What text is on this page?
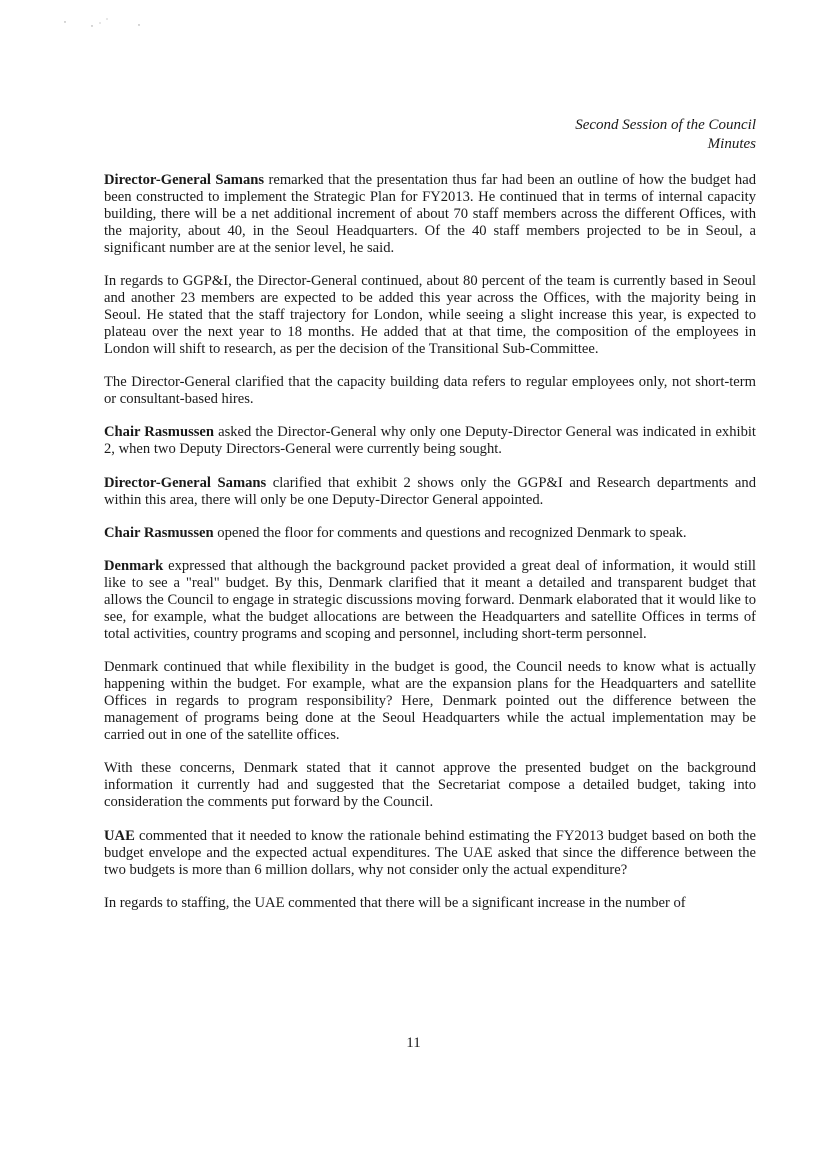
Second Session of the Council
Minutes

Director-General Samans remarked that the presentation thus far had been an outline of how the budget had been constructed to implement the Strategic Plan for FY2013. He continued that in terms of internal capacity building, there will be a net additional increment of about 70 staff members across the different Offices, with the majority, about 40, in the Seoul Headquarters. Of the 40 staff members projected to be in Seoul, a significant number are at the senior level, he said.

In regards to GGP&I, the Director-General continued, about 80 percent of the team is currently based in Seoul and another 23 members are expected to be added this year across the Offices, with the majority being in Seoul. He stated that the staff trajectory for London, while seeing a slight increase this year, is expected to plateau over the next year to 18 months. He added that at that time, the composition of the employees in London will shift to research, as per the decision of the Transitional Sub-Committee.

The Director-General clarified that the capacity building data refers to regular employees only, not short-term or consultant-based hires.

Chair Rasmussen asked the Director-General why only one Deputy-Director General was indicated in exhibit 2, when two Deputy Directors-General were currently being sought.

Director-General Samans clarified that exhibit 2 shows only the GGP&I and Research departments and within this area, there will only be one Deputy-Director General appointed.

Chair Rasmussen opened the floor for comments and questions and recognized Denmark to speak.

Denmark expressed that although the background packet provided a great deal of information, it would still like to see a "real" budget. By this, Denmark clarified that it meant a detailed and transparent budget that allows the Council to engage in strategic discussions moving forward. Denmark elaborated that it would like to see, for example, what the budget allocations are between the Headquarters and satellite Offices in terms of total activities, country programs and scoping and personnel, including short-term personnel.

Denmark continued that while flexibility in the budget is good, the Council needs to know what is actually happening within the budget. For example, what are the expansion plans for the Headquarters and satellite Offices in regards to program responsibility? Here, Denmark pointed out the difference between the management of programs being done at the Seoul Headquarters while the actual implementation may be carried out in one of the satellite offices.

With these concerns, Denmark stated that it cannot approve the presented budget on the background information it currently had and suggested that the Secretariat compose a detailed budget, taking into consideration the comments put forward by the Council.

UAE commented that it needed to know the rationale behind estimating the FY2013 budget based on both the budget envelope and the expected actual expenditures. The UAE asked that since the difference between the two budgets is more than 6 million dollars, why not consider only the actual expenditure?

In regards to staffing, the UAE commented that there will be a significant increase in the number of

11
